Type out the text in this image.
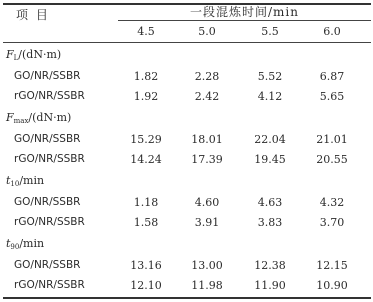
项 目	一段混炼时间/min
4.5	5.0	5.5	6.0
$F_L/(dN\cdot m)$
GO/NR/SSBR	1.82	2.28	5.52	6.87
rGO/NR/SSBR	1.92	2.42	4.12	5.65
$F_{max}/(dN\cdot m)$
GO/NR/SSBR	15.29	18.01	22.04	21.01
rGO/NR/SSBR	14.24	17.39	19.45	20.55
$t_{10}/\min$
GO/NR/SSBR	1.18	4.60	4.63	4.32
rGO/NR/SSBR	1.58	3.91	3.83	3.70
$t_{90}/\min$
GO/NR/SSBR	13.16	13.00	12.38	12.15
rGO/NR/SSBR	12.10	11.98	11.90	10.90
